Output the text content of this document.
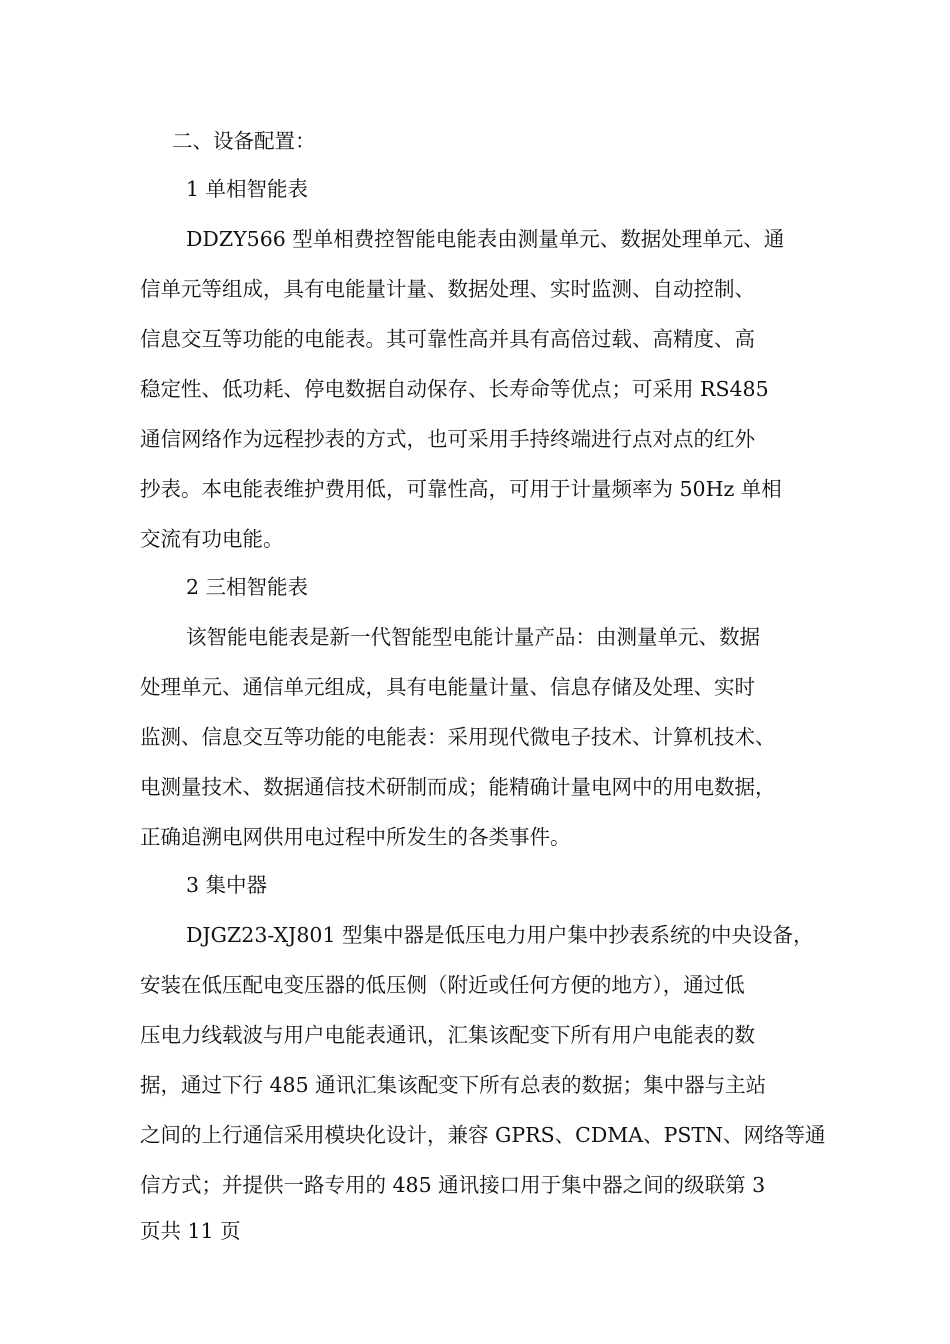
二、设备配置：
1 单相智能表
DDZY566 型单相费控智能电能表由测量单元、数据处理单元、通
信单元等组成，具有电能量计量、数据处理、实时监测、自动控制、
信息交互等功能的电能表。其可靠性高并具有高倍过载、高精度、高
稳定性、低功耗、停电数据自动保存、长寿命等优点；可采用 RS485
通信网络作为远程抄表的方式，也可采用手持终端进行点对点的红外
抄表。本电能表维护费用低，可靠性高，可用于计量频率为 50Hz 单相
交流有功电能。
2 三相智能表
该智能电能表是新一代智能型电能计量产品：由测量单元、数据
处理单元、通信单元组成，具有电能量计量、信息存储及处理、实时
监测、信息交互等功能的电能表：采用现代微电子技术、计算机技术、
电测量技术、数据通信技术研制而成；能精确计量电网中的用电数据，
正确追溯电网供用电过程中所发生的各类事件。
3 集中器
DJGZ23-XJ801 型集中器是低压电力用户集中抄表系统的中央设备，
安装在低压配电变压器的低压侧（附近或任何方便的地方），通过低
压电力线载波与用户电能表通讯，汇集该配变下所有用户电能表的数
据，通过下行 485 通讯汇集该配变下所有总表的数据；集中器与主站
之间的上行通信采用模块化设计，兼容 GPRS、CDMA、PSTN、网络等通
信方式；并提供一路专用的 485 通讯接口用于集中器之间的级联第 3
页共 11 页
